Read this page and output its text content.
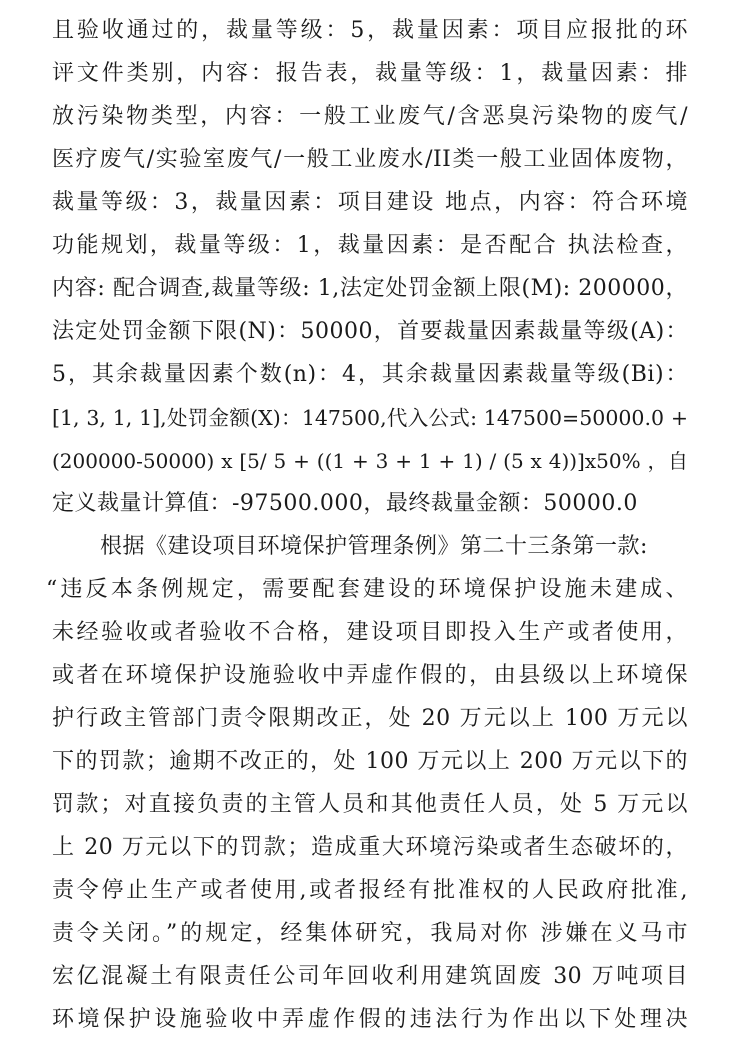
且验收通过的，裁量等级：5，裁量因素：项目应报批的环
评文件类别，内容：报告表，裁量等级：1，裁量因素：排
放污染物类型，内容：一般工业废气/含恶臭污染物的废气/
医疗废气/实验室废气/一般工业废水/II类一般工业固体废物，
裁量等级：3，裁量因素：项目建设 地点，内容：符合环境
功能规划，裁量等级：1，裁量因素：是否配合 执法检查，
内容: 配合调查,裁量等级: 1,法定处罚金额上限(M): 200000，
法定处罚金额下限(N)：50000，首要裁量因素裁量等级(A)：
5，其余裁量因素个数(n)：4，其余裁量因素裁量等级(Bi)：
[1, 3, 1, 1],处罚金额(X)：147500,代入公式: 147500=50000.0 +
(200000-50000) x [5/ 5 + ((1 + 3 + 1 + 1) / (5 x 4))]x50% ，自
定义裁量计算值：-97500.000，最终裁量金额：50000.0
根据《建设项目环境保护管理条例》第二十三条第一款:
“违反本条例规定，需要配套建设的环境保护设施未建成、
未经验收或者验收不合格，建设项目即投入生产或者使用，
或者在环境保护设施验收中弄虚作假的，由县级以上环境保
护行政主管部门责令限期改正，处 20 万元以上 100 万元以
下的罚款；逾期不改正的，处 100 万元以上 200 万元以下的
罚款；对直接负责的主管人员和其他责任人员，处 5 万元以
上 20 万元以下的罚款；造成重大环境污染或者生态破坏的，
责令停止生产或者使用,或者报经有批准权的人民政府批准,
责令关闭。”的规定，经集体研究，我局对你 涉嫌在义马市
宏亿混凝土有限责任公司年回收利用建筑固废 30 万吨项目
环境保护设施验收中弄虚作假的违法行为作出以下处理决
